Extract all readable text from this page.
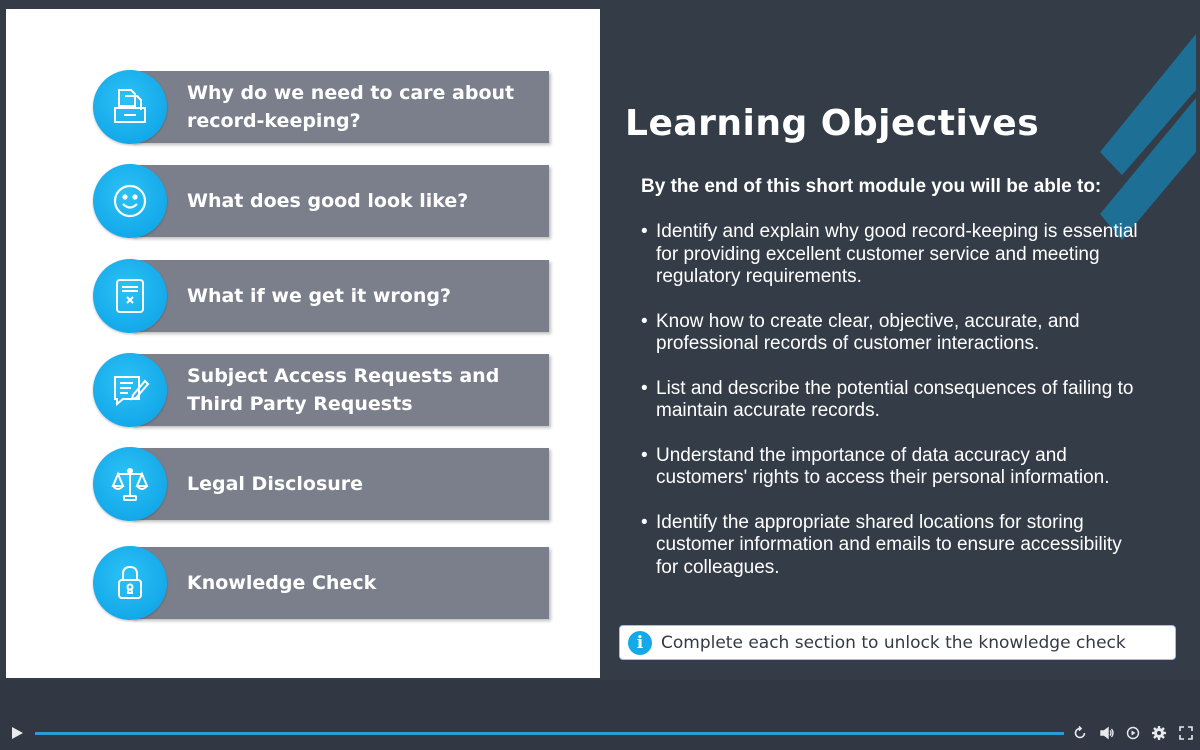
Why do we need to care about record-keeping?
What does good look like?
What if we get it wrong?
Subject Access Requests and Third Party Requests
Legal Disclosure
Knowledge Check
Learning Objectives

By the end of this short module you will be able to:

• Identify and explain why good record-keeping is essential for providing excellent customer service and meeting regulatory requirements.
• Know how to create clear, objective, accurate, and professional records of customer interactions.
• List and describe the potential consequences of failing to maintain accurate records.
• Understand the importance of data accuracy and customers' rights to access their personal information.
• Identify the appropriate shared locations for storing customer information and emails to ensure accessibility for colleagues.
i	Complete each section to unlock the knowledge check
